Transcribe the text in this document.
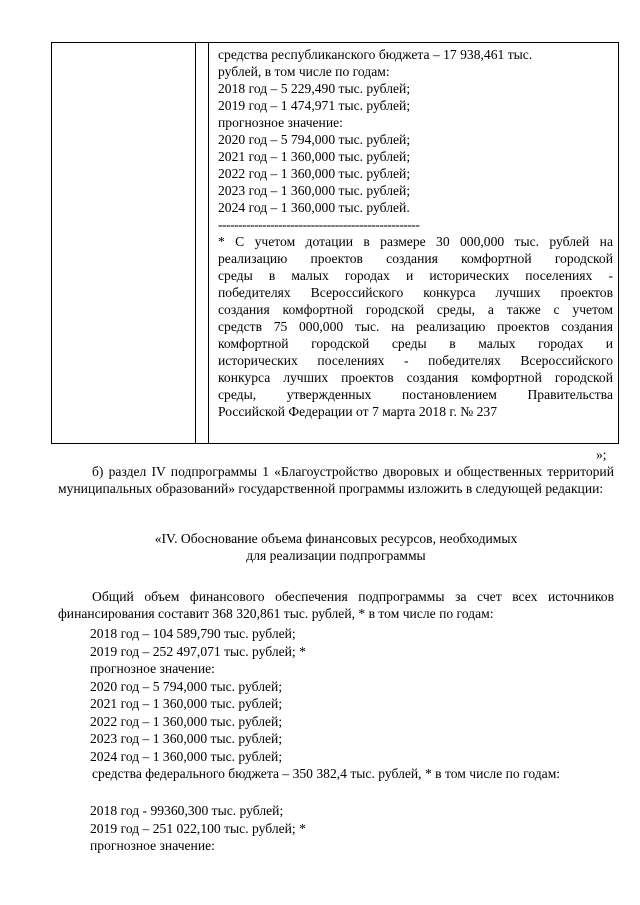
средства республиканского бюджета – 17 938,461 тыс.
рублей, в том числе по годам:
2018 год – 5 229,490 тыс. рублей;
2019 год – 1 474,971 тыс. рублей;
прогнозное значение:
2020 год – 5 794,000 тыс. рублей;
2021 год – 1 360,000 тыс. рублей;
2022 год – 1 360,000 тыс. рублей;
2023 год – 1 360,000 тыс. рублей;
2024 год – 1 360,000 тыс. рублей.
--------------------------------------------------
* С учетом дотации в размере 30 000,000 тыс. рублей на
реализацию проектов создания комфортной городской
среды в малых городах и исторических поселениях -
победителях Всероссийского конкурса лучших проектов
создания комфортной городской среды, а также с учетом
средств 75 000,000 тыс. на реализацию проектов создания
комфортной городской среды в малых городах и
исторических поселениях - победителях Всероссийского
конкурса лучших проектов создания комфортной городской
среды, утвержденных постановлением Правительства
Российской Федерации от 7 марта 2018 г. № 237
»;
б) раздел IV подпрограммы 1 «Благоустройство дворовых и общественных территорий муниципальных образований» государственной программы изложить в следующей редакции:
«IV. Обоснование объема финансовых ресурсов, необходимых
для реализации подпрограммы
Общий объем финансового обеспечения подпрограммы за счет всех источников финансирования составит 368 320,861 тыс. рублей, * в том числе по годам:
2018 год – 104 589,790 тыс. рублей;
2019 год – 252 497,071 тыс. рублей; *
прогнозное значение:
2020 год – 5 794,000 тыс. рублей;
2021 год – 1 360,000 тыс. рублей;
2022 год – 1 360,000 тыс. рублей;
2023 год – 1 360,000 тыс. рублей;
2024 год – 1 360,000 тыс. рублей;
средства федерального бюджета – 350 382,4 тыс. рублей, * в том числе по годам:
2018 год - 99360,300 тыс. рублей;
2019 год – 251 022,100 тыс. рублей; *
прогнозное значение:
